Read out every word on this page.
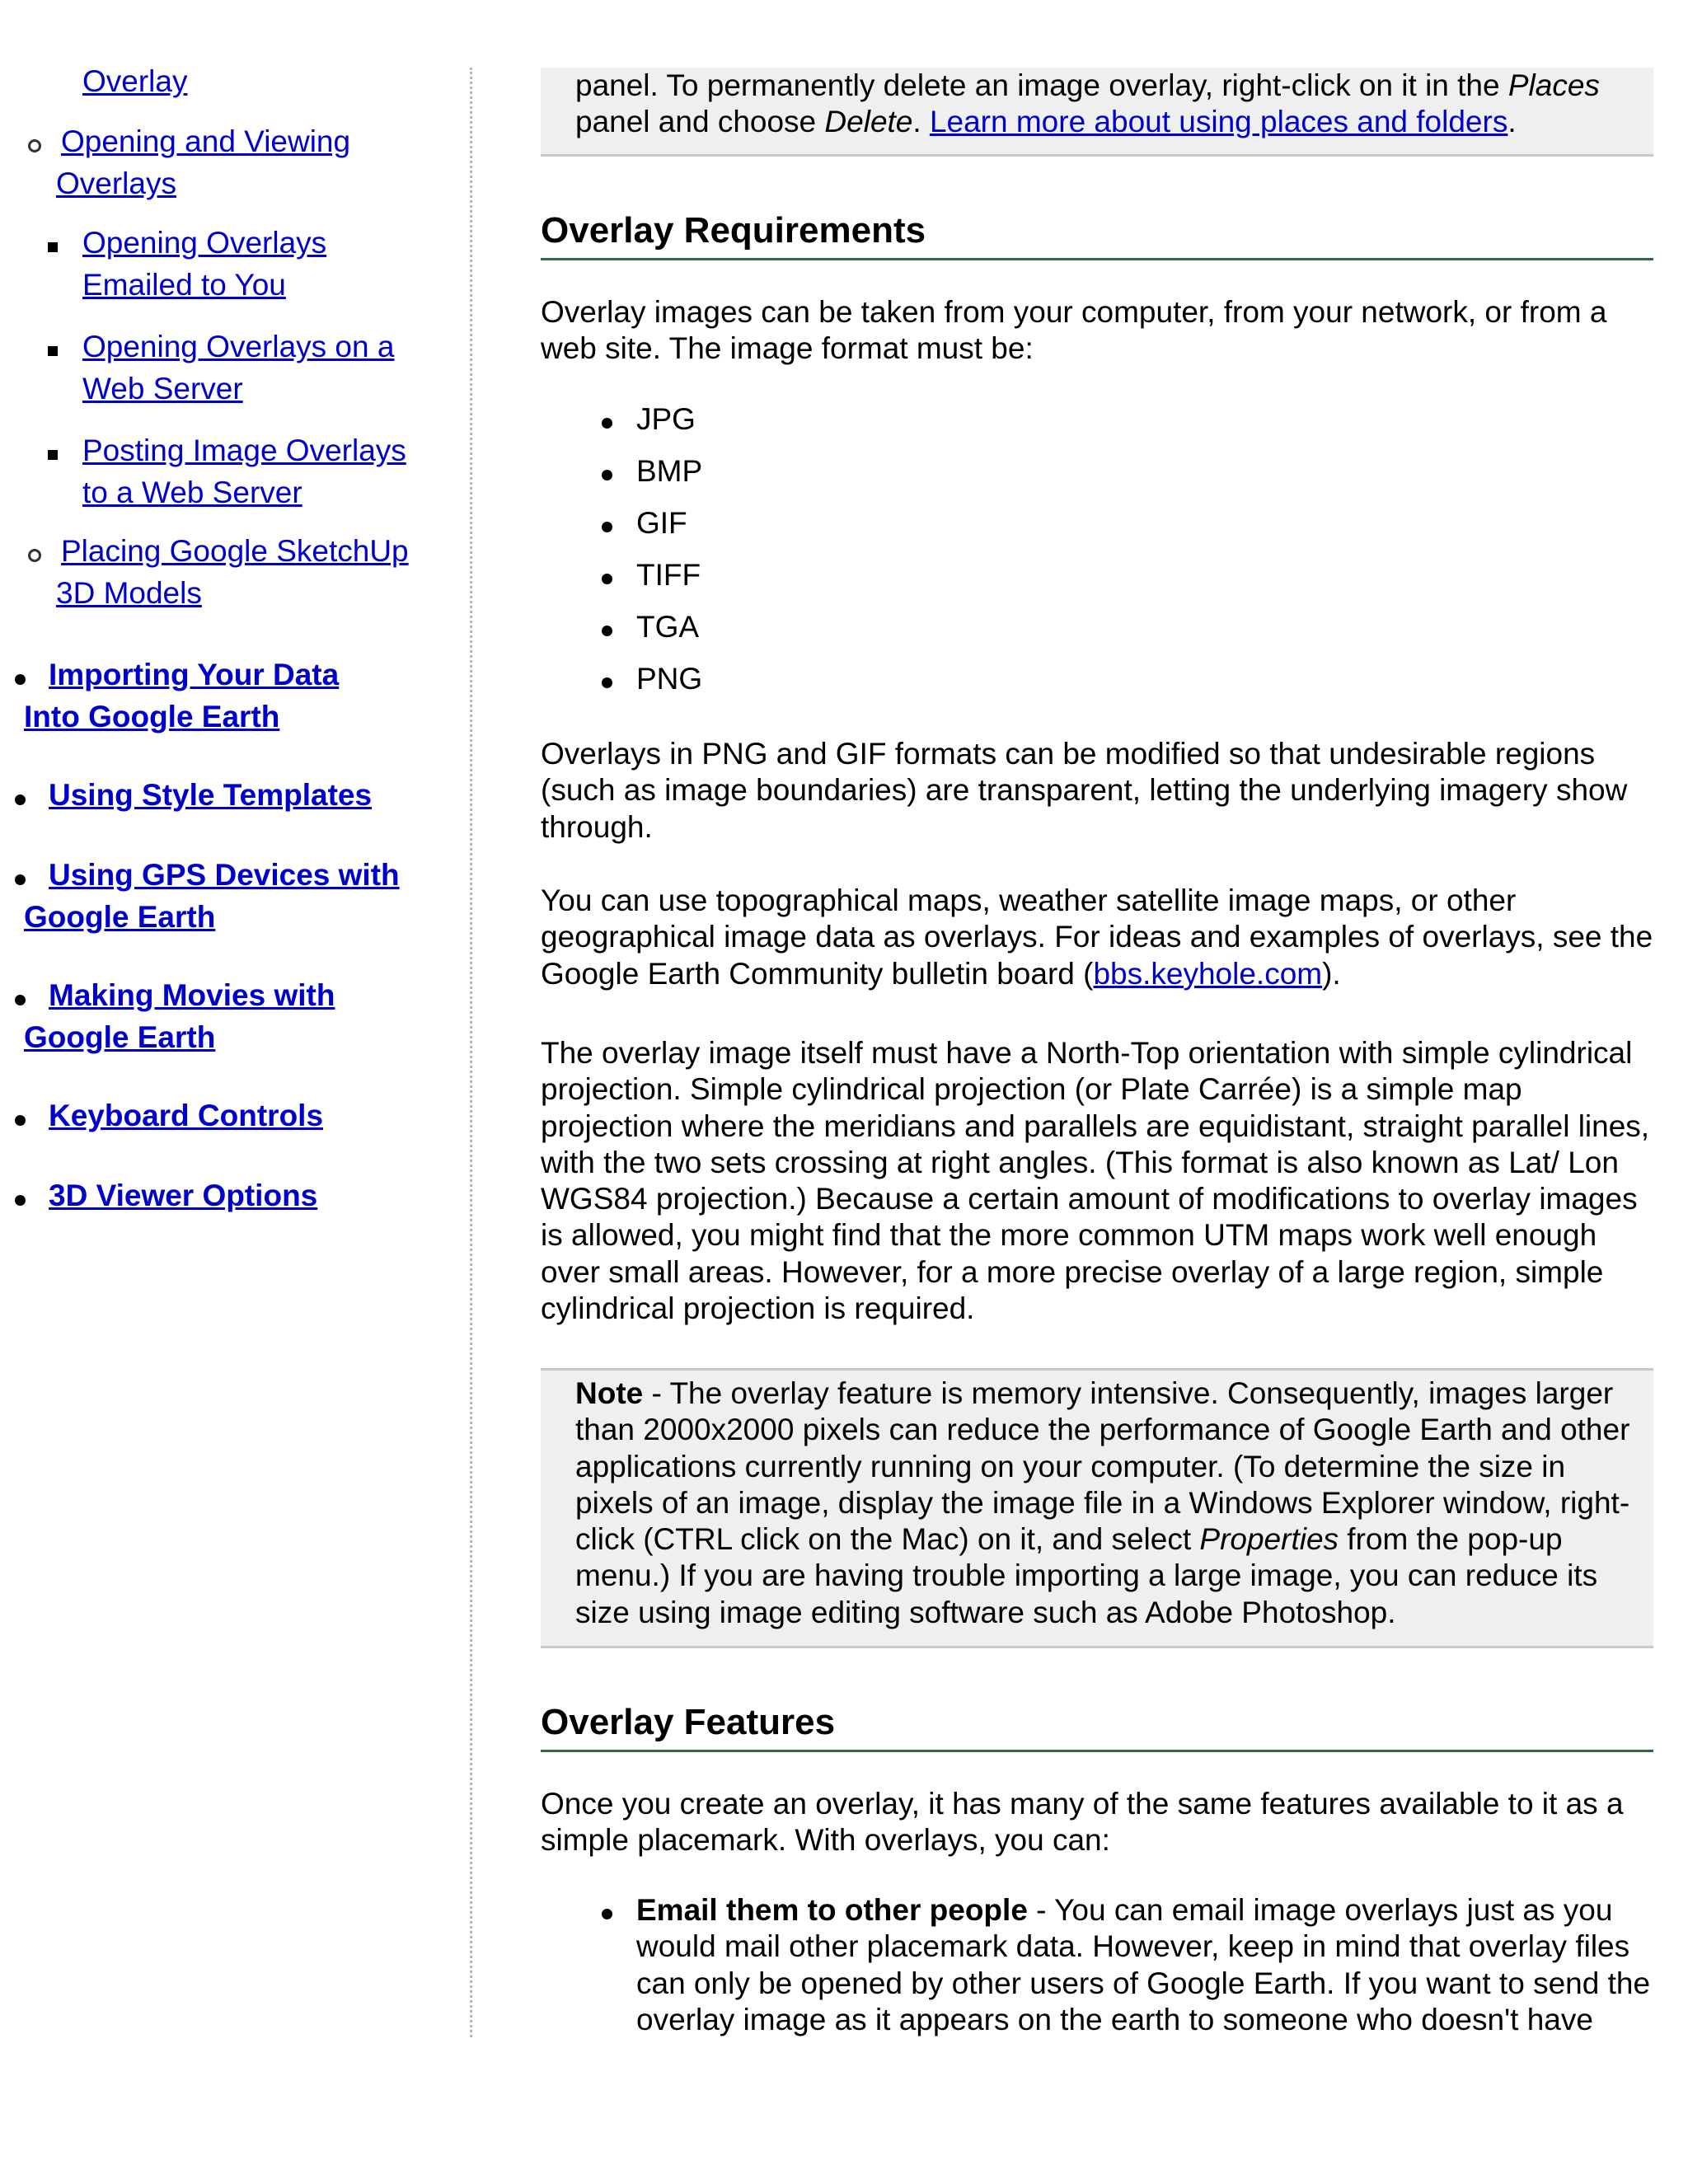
Overlay
Opening and Viewing
Overlays
Opening Overlays
Emailed to You
Opening Overlays on a
Web Server
Posting Image Overlays
to a Web Server
Placing Google SketchUp
3D Models
Importing Your Data
Into Google Earth
Using Style Templates
Using GPS Devices with
Google Earth
Making Movies with
Google Earth
Keyboard Controls
3D Viewer Options
panel. To permanently delete an image overlay, right-click on it in the Places
panel and choose Delete. Learn more about using places and folders.
Overlay Requirements
Overlay images can be taken from your computer, from your network, or from a web site. The image format must be:
JPG
BMP
GIF
TIFF
TGA
PNG
Overlays in PNG and GIF formats can be modified so that undesirable regions (such as image boundaries) are transparent, letting the underlying imagery show through.
You can use topographical maps, weather satellite image maps, or other geographical image data as overlays. For ideas and examples of overlays, see the Google Earth Community bulletin board (bbs.keyhole.com).
The overlay image itself must have a North-Top orientation with simple cylindrical projection. Simple cylindrical projection (or Plate Carrée) is a simple map projection where the meridians and parallels are equidistant, straight parallel lines, with the two sets crossing at right angles. (This format is also known as Lat/ Lon WGS84 projection.) Because a certain amount of modifications to overlay images is allowed, you might find that the more common UTM maps work well enough over small areas. However, for a more precise overlay of a large region, simple cylindrical projection is required.
Note - The overlay feature is memory intensive. Consequently, images larger than 2000x2000 pixels can reduce the performance of Google Earth and other applications currently running on your computer. (To determine the size in pixels of an image, display the image file in a Windows Explorer window, right-click (CTRL click on the Mac) on it, and select Properties from the pop-up menu.) If you are having trouble importing a large image, you can reduce its size using image editing software such as Adobe Photoshop.
Overlay Features
Once you create an overlay, it has many of the same features available to it as a simple placemark. With overlays, you can:
Email them to other people - You can email image overlays just as you would mail other placemark data. However, keep in mind that overlay files can only be opened by other users of Google Earth. If you want to send the overlay image as it appears on the earth to someone who doesn't have
